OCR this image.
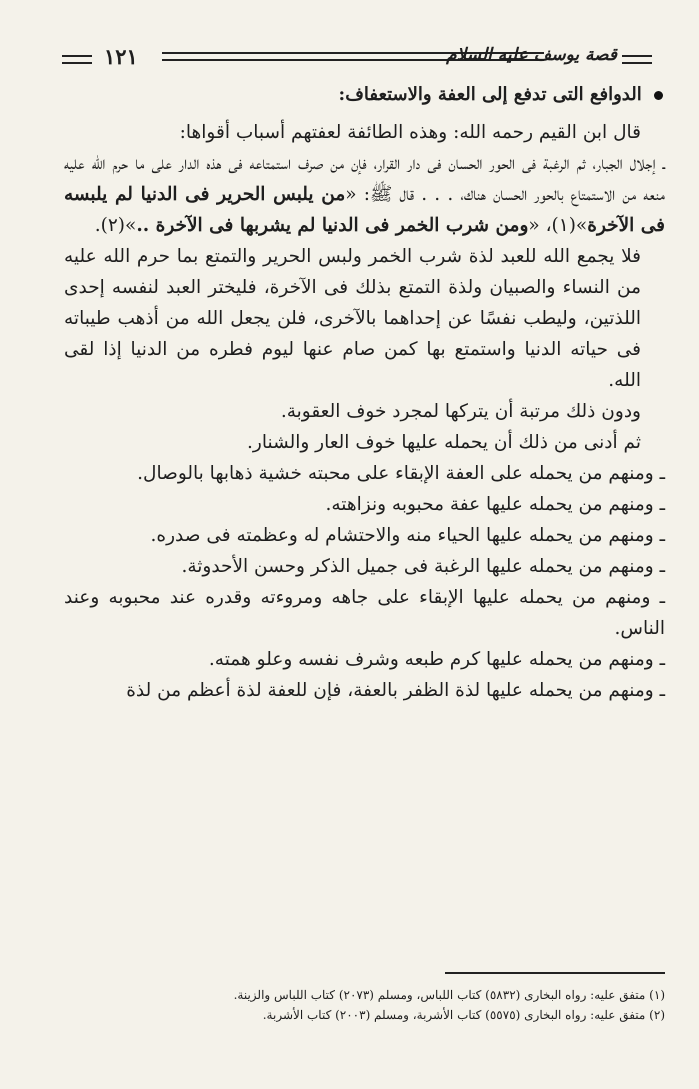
١٢١	قصة يوسف عليه السلام
الدوافع التى تدفع إلى العفة والاستعفاف:

قال ابن القيم رحمه الله: وهذه الطائفة لعفتهم أسباب أقواها:

ـ إجلال الجبار، ثم الرغبة فى الحور الحسان فى دار القرار، فإن من صرف استمتاعه فى هذه الدار على ما حرم الله عليه منعه من الاستمتاع بالحور الحسان هناك، . . . قال ﷺ: «من يلبس الحرير فى الدنيا لم يلبسه فى الآخرة»(١)، «ومن شرب الخمر فى الدنيا لم يشربها فى الآخرة ..»(٢).

فلا يجمع الله للعبد لذة شرب الخمر ولبس الحرير والتمتع بما حرم الله عليه من النساء والصبيان ولذة التمتع بذلك فى الآخرة، فليختر العبد لنفسه إحدى اللذتين، وليطب نفسًا عن إحداهما بالآخرى، فلن يجعل الله من أذهب طيباته فى حياته الدنيا واستمتع بها كمن صام عنها ليوم فطره من الدنيا إذا لقى الله.

ودون ذلك مرتبة أن يتركها لمجرد خوف العقوبة.

ثم أدنى من ذلك أن يحمله عليها خوف العار والشنار.

ـ ومنهم من يحمله على العفة الإبقاء على محبته خشية ذهابها بالوصال.

ـ ومنهم من يحمله عليها عفة محبوبه ونزاهته.

ـ ومنهم من يحمله عليها الحياء منه والاحتشام له وعظمته فى صدره.

ـ ومنهم من يحمله عليها الرغبة فى جميل الذكر وحسن الأحدوثة.

ـ ومنهم من يحمله عليها الإبقاء على جاهه ومروءته وقدره عند محبوبه وعند الناس.

ـ ومنهم من يحمله عليها كرم طبعه وشرف نفسه وعلو همته.

ـ ومنهم من يحمله عليها لذة الظفر بالعفة، فإن للعفة لذة أعظم من لذة

(١) متفق عليه: رواه البخارى (٥٨٣٢) كتاب اللباس، ومسلم (٢٠٧٣) كتاب اللباس والزينة.

(٢) متفق عليه: رواه البخارى (٥٥٧٥) كتاب الأشربة، ومسلم (٢٠٠٣) كتاب الأشربة.
